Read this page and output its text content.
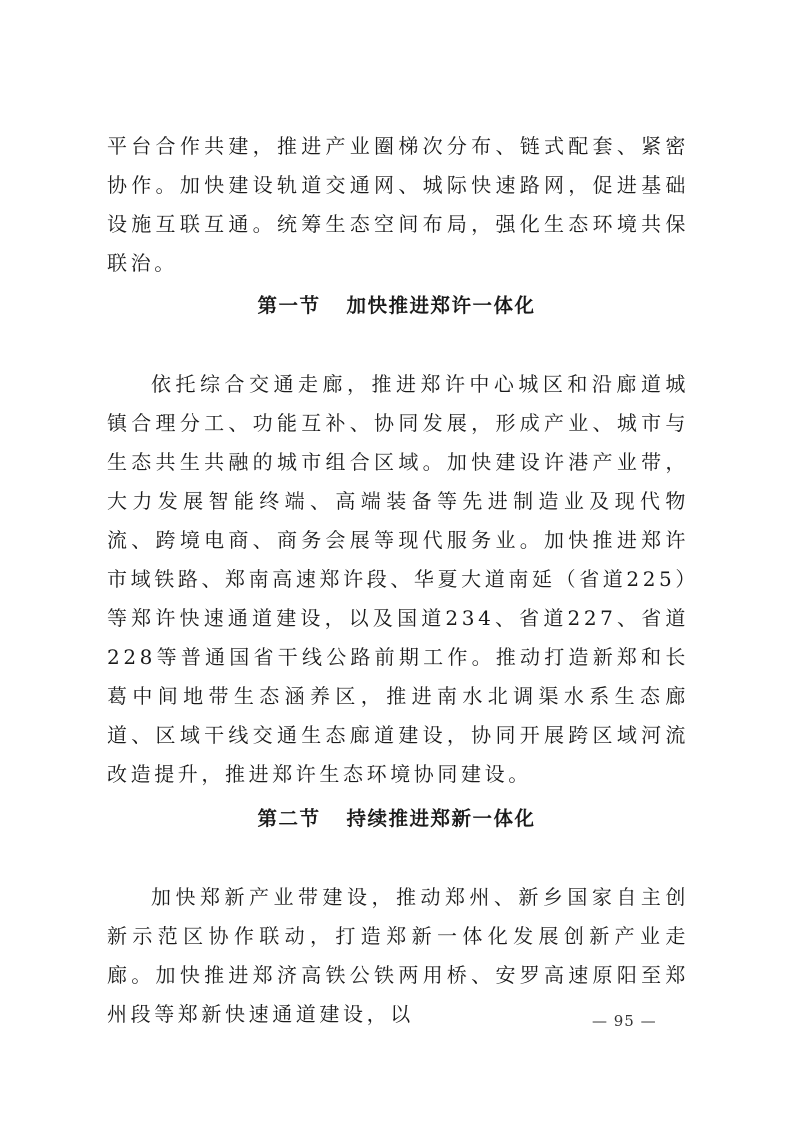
平台合作共建，推进产业圈梯次分布、链式配套、紧密协作。加快建设轨道交通网、城际快速路网，促进基础设施互联互通。统筹生态空间布局，强化生态环境共保联治。

第一节 加快推进郑许一体化

依托综合交通走廊，推进郑许中心城区和沿廊道城镇合理分工、功能互补、协同发展，形成产业、城市与生态共生共融的城市组合区域。加快建设许港产业带，大力发展智能终端、高端装备等先进制造业及现代物流、跨境电商、商务会展等现代服务业。加快推进郑许市域铁路、郑南高速郑许段、华夏大道南延（省道225）等郑许快速通道建设，以及国道234、省道227、省道228等普通国省干线公路前期工作。推动打造新郑和长葛中间地带生态涵养区，推进南水北调渠水系生态廊道、区域干线交通生态廊道建设，协同开展跨区域河流改造提升，推进郑许生态环境协同建设。

第二节 持续推进郑新一体化

加快郑新产业带建设，推动郑州、新乡国家自主创新示范区协作联动，打造郑新一体化发展创新产业走廊。加快推进郑济高铁公铁两用桥、安罗高速原阳至郑州段等郑新快速通道建设，以	— 95 —
